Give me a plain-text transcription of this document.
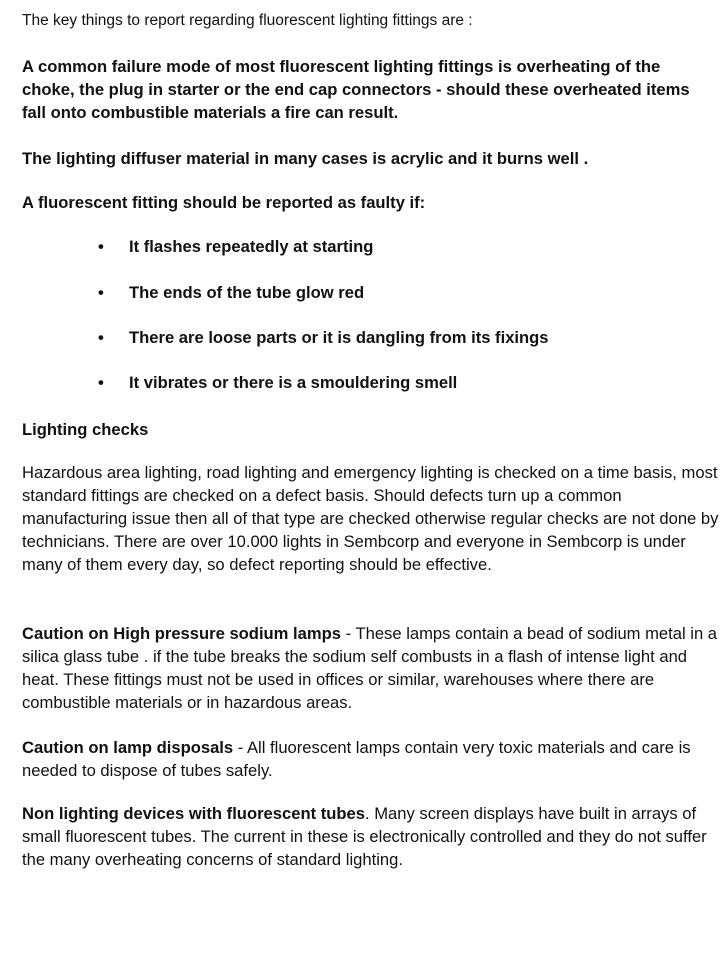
The key things to report regarding fluorescent lighting fittings are :
A common failure mode of most fluorescent lighting fittings is overheating of the choke, the plug in starter or the end cap connectors - should these overheated items fall onto combustible materials a fire can result.
The lighting diffuser material in many cases is acrylic and it burns well .
A fluorescent fitting should be reported as faulty if:
• It flashes repeatedly at starting
• The ends of the tube glow red
• There are loose parts or it is dangling from its fixings
• It vibrates or there is a smouldering smell
Lighting checks
Hazardous area lighting, road lighting and emergency lighting is checked on a time basis, most standard fittings are checked on a defect basis. Should defects turn up a common manufacturing issue then all of that type are checked otherwise regular checks are not done by technicians. There are over 10.000 lights in Sembcorp and everyone in Sembcorp is under many of them every day, so defect reporting should be effective.
Caution on High pressure sodium lamps - These lamps contain a bead of sodium metal in a silica glass tube . if the tube breaks the sodium self combusts in a flash of intense light and heat. These fittings must not be used in offices or similar, warehouses where there are combustible materials or in hazardous areas.
Caution on lamp disposals - All fluorescent lamps contain very toxic materials and care is needed to dispose of tubes safely.
Non lighting devices with fluorescent tubes. Many screen displays have built in arrays of small fluorescent tubes. The current in these is electronically controlled and they do not suffer the many overheating concerns of standard lighting.
